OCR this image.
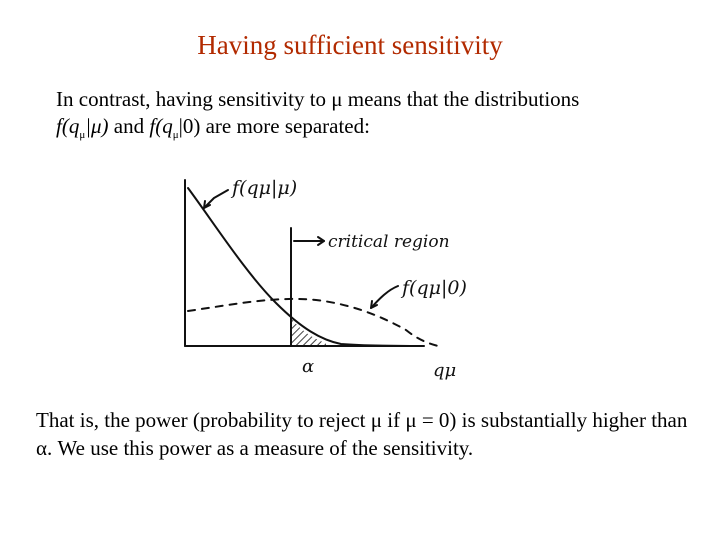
Having sufficient sensitivity
In contrast, having sensitivity to μ means that the distributions
$f(q_\mu|\mu)$ and $f(q_\mu|0)$ are more separated:
f(qμ|μ)
critical region
f(qμ|0)
α	qμ
That is, the power (probability to reject μ if μ = 0) is substantially higher than α. We use this power as a measure of the sensitivity.
